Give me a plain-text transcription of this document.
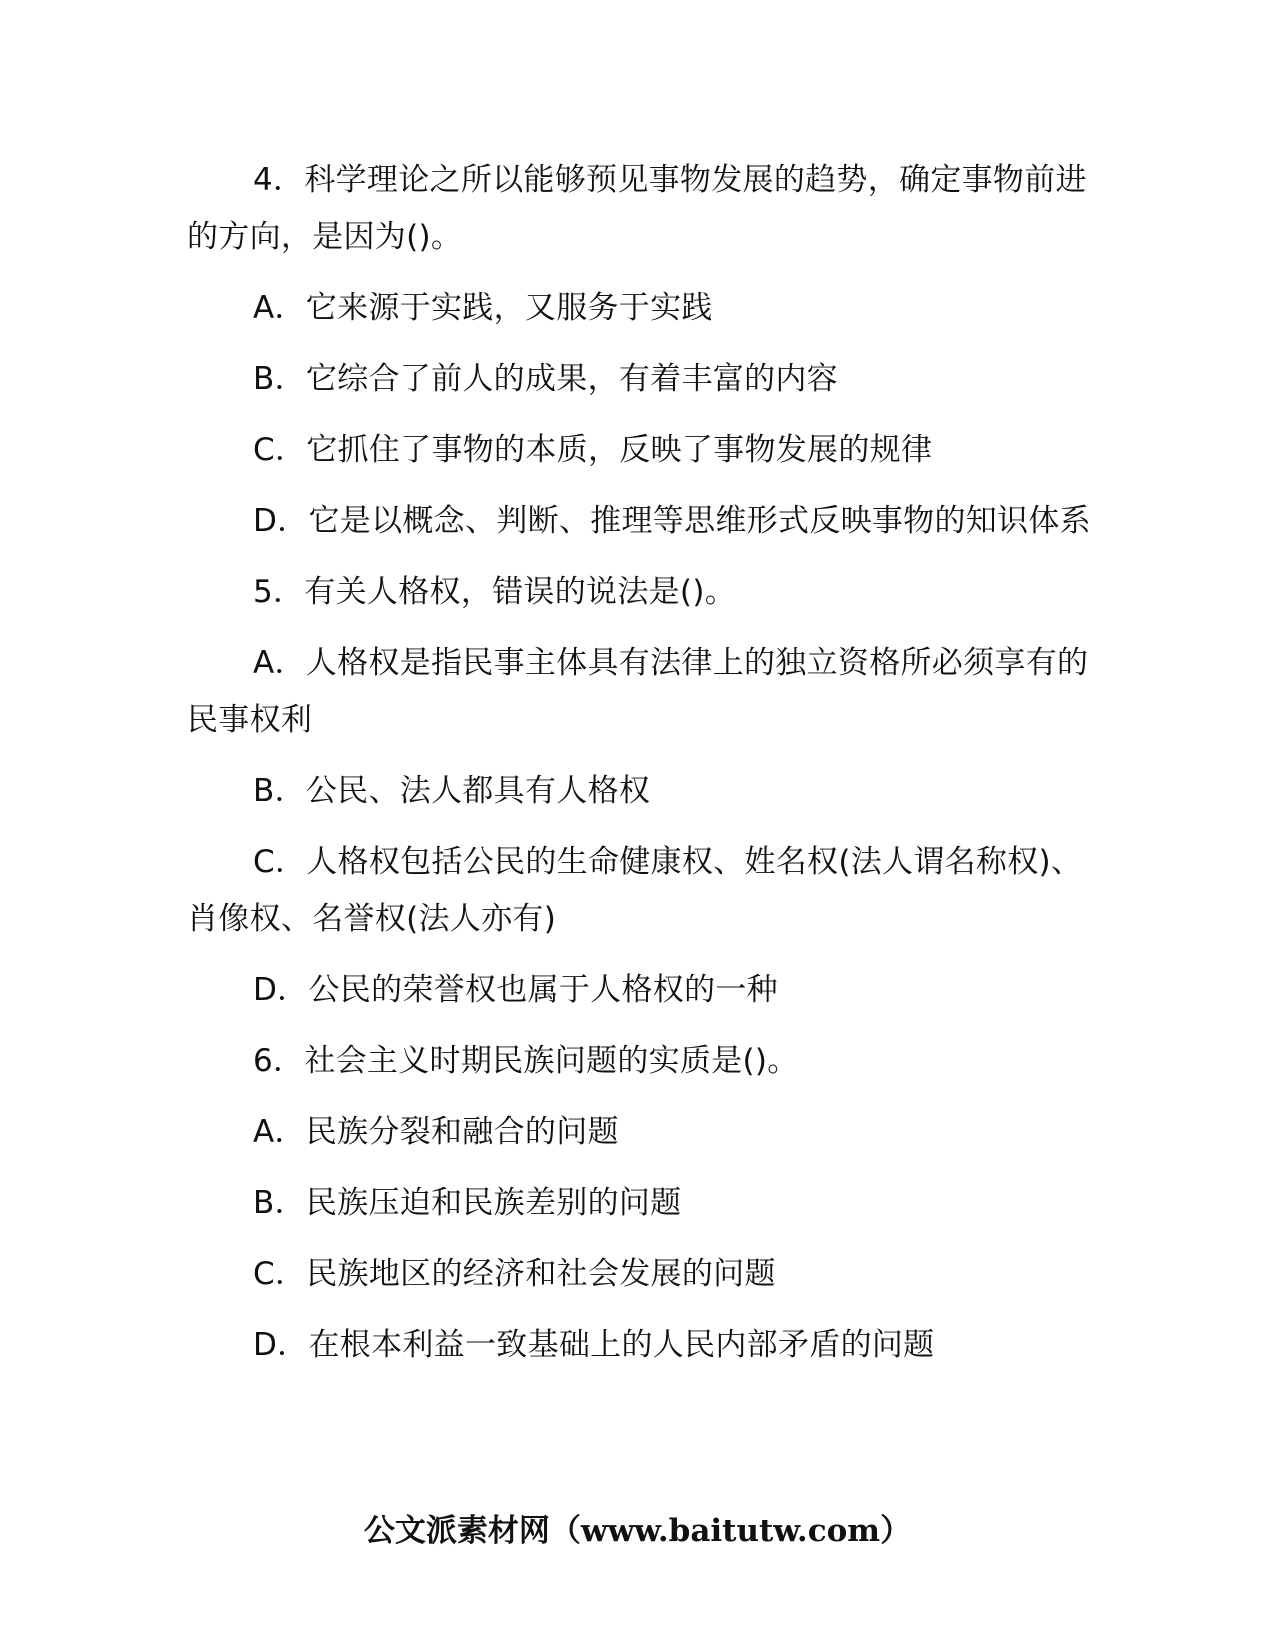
4．科学理论之所以能够预见事物发展的趋势，确定事物前进的方向，是因为()。

A．它来源于实践，又服务于实践

B．它综合了前人的成果，有着丰富的内容

C．它抓住了事物的本质，反映了事物发展的规律

D．它是以概念、判断、推理等思维形式反映事物的知识体系

5．有关人格权，错误的说法是()。

A．人格权是指民事主体具有法律上的独立资格所必须享有的民事权利

B．公民、法人都具有人格权

C．人格权包括公民的生命健康权、姓名权(法人谓名称权)、肖像权、名誉权(法人亦有)

D．公民的荣誉权也属于人格权的一种

6．社会主义时期民族问题的实质是()。

A．民族分裂和融合的问题

B．民族压迫和民族差别的问题

C．民族地区的经济和社会发展的问题

D．在根本利益一致基础上的人民内部矛盾的问题

公文派素材网（www.baitutw.com）
